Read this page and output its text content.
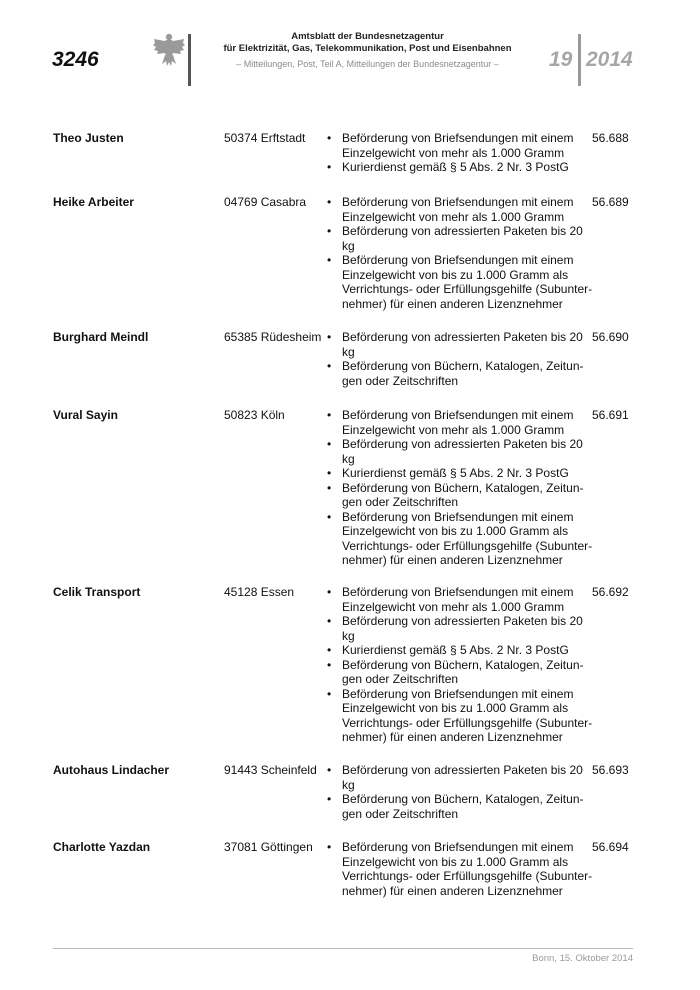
3246
Amtsblatt der Bundesnetzagentur
für Elektrizität, Gas, Telekommunikation, Post und Eisenbahnen
– Mitteilungen, Post, Teil A, Mitteilungen der Bundesnetzagentur –	19 2014
Theo Justen	50374 Erftstadt	• Beförderung von Briefsendungen mit einem Einzelgewicht von mehr als 1.000 Gramm
• Kurierdienst gemäß § 5 Abs. 2 Nr. 3 PostG
56.688
Heike Arbeiter	04769 Casabra	• Beförderung von Briefsendungen mit einem Einzelgewicht von mehr als 1.000 Gramm
• Beförderung von adressierten Paketen bis 20 kg
• Beförderung von Briefsendungen mit einem Einzelgewicht von bis zu 1.000 Gramm als Verrichtungs- oder Erfüllungsgehilfe (Subunter-nehmer) für einen anderen Lizenznehmer
56.689
Burghard Meindl	65385 Rüdesheim • Beförderung von adressierten Paketen bis 20 kg
• Beförderung von Büchern, Katalogen, Zeitun-gen oder Zeitschriften
56.690
Vural Sayin	50823 Köln	• Beförderung von Briefsendungen mit einem Einzelgewicht von mehr als 1.000 Gramm
• Beförderung von adressierten Paketen bis 20 kg
• Kurierdienst gemäß § 5 Abs. 2 Nr. 3 PostG
• Beförderung von Büchern, Katalogen, Zeitun-gen oder Zeitschriften
• Beförderung von Briefsendungen mit einem Einzelgewicht von bis zu 1.000 Gramm als Verrichtungs- oder Erfüllungsgehilfe (Subunter-nehmer) für einen anderen Lizenznehmer
56.691
Celik Transport	45128 Essen	• Beförderung von Briefsendungen mit einem Einzelgewicht von mehr als 1.000 Gramm
• Beförderung von adressierten Paketen bis 20 kg
• Kurierdienst gemäß § 5 Abs. 2 Nr. 3 PostG
• Beförderung von Büchern, Katalogen, Zeitun-gen oder Zeitschriften
• Beförderung von Briefsendungen mit einem Einzelgewicht von bis zu 1.000 Gramm als Verrichtungs- oder Erfüllungsgehilfe (Subunter-nehmer) für einen anderen Lizenznehmer
56.692
Autohaus Lindacher	91443 Scheinfeld	• Beförderung von adressierten Paketen bis 20 kg
• Beförderung von Büchern, Katalogen, Zeitun-gen oder Zeitschriften
56.693
Charlotte Yazdan	37081 Göttingen	• Beförderung von Briefsendungen mit einem Einzelgewicht von bis zu 1.000 Gramm als Verrichtungs- oder Erfüllungsgehilfe (Subunter-nehmer) für einen anderen Lizenznehmer
56.694
Bonn, 15. Oktober 2014
